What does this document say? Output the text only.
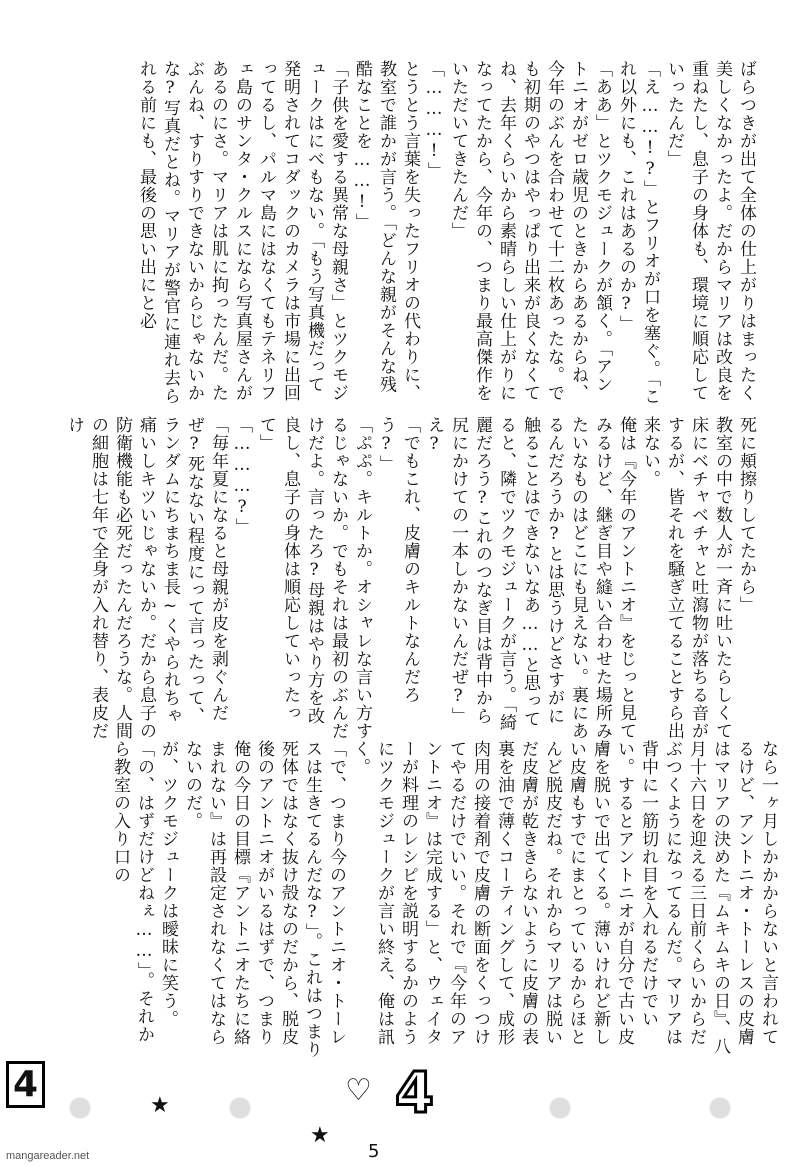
ばらつきが出て全体の仕上がりはまったく美しくなかったよ。だからマリアは改良を重ねたし、息子の身体も、環境に順応していったんだ」

「え……!?」とフリオが口を塞ぐ。「これ以外にも、これはあるのか?」

「ああ」とツクモジュークが頷く。「アントニオがゼロ歳児のときからあるからね、今年のぶんを合わせて十二枚あったな。でも初期のやつはやっぱり出来が良くなくてね、去年くらいから素晴らしい仕上がりになってたから、今年の、つまり最高傑作をいただいてきたんだ」

「………!」

とうとう言葉を失ったフリオの代わりに、教室で誰かが言う。「どんな親がそんな残酷なことを……!」

「子供を愛する異常な母親さ」とツクモジュークはにべもない。「もう写真機だって発明されてコダックのカメラは市場に出回ってるし、パルマ島にはなくてもテネリフェ島のサンタ・クルスになら写真屋さんがあるのにさ。マリアは肌に拘ったんだ。たぶんね、すりすりできないからじゃないかな?写真だとね。マリアが警官に連れ去られる前にも、最後の思い出にと必

死に頬擦りしてたから」

教室の中で数人が一斉に吐いたらしくて床にベチャベチャと吐瀉物が落ちる音がするが、皆それを騒ぎ立てることすら出来ない。

俺は『今年のアントニオ』をじっと見てみるけど、継ぎ目や縫い合わせた場所みたいなものはどこにも見えない。裏にあるんだろうか?とは思うけどさすがに触ることはできないなあ……と思ってると、隣でツクモジュークが言う。「綺麗だろう?これのつなぎ目は背中から尻にかけての一本しかないんだぜ?」

え?

「でもこれ、皮膚のキルトなんだろう?」

「ぷぷ。キルトか。オシャレな言い方するじゃないか。でもそれは最初のぶんだけだよ。言ったろ?母親はやり方を改良し、息子の身体は順応していったって」

「………?」

「毎年夏になると母親が皮を剥ぐんだぜ?死なない程度にって言ったって、ランダムにちまちま長~くやられちゃ痛いしキツいじゃないか。だから息子の防衛機能も必死だったんだろうな。人間の細胞は七年で全身が入れ替り、表皮だけ

なら一ヶ月しかかからないと言われてるけど、アントニオ・トーレスの皮膚はマリアの決めた『ムキムキの日』、八月十六日を迎える三日前くらいからだぶつくようになってるんだ。マリアは背中に一筋切れ目を入れるだけでいい。するとアントニオが自分で古い皮膚を脱いで出てくる。薄いけれど新しい皮膚もすでにまとっているからほとんど脱皮だね。それからマリアは脱いだ皮膚が乾ききらないように皮膚の表裏を油で薄くコーティングして、成形肉用の接着剤で皮膚の断面をくっつけてやるだけでいい。それで『今年のアントニオ』は完成する」と、ウェイターが料理のレシピを説明するかのようにツクモジュークが言い終え、俺は訊く。

「で、つまり今のアントニオ・トーレスは生きてるんだな?」。これはつまり死体ではなく抜け殻なのだから、脱皮後のアントニオがいるはずで、つまり俺の今日の目標『アントニオたちに絡まれない』は再設定されなくてはならないのだ。

が、ツクモジュークは曖昧に笑う。「の、はずだけどねぇ……」。それから教室の入り口の

4
★
★
♡ 4
5
mangareader.net
